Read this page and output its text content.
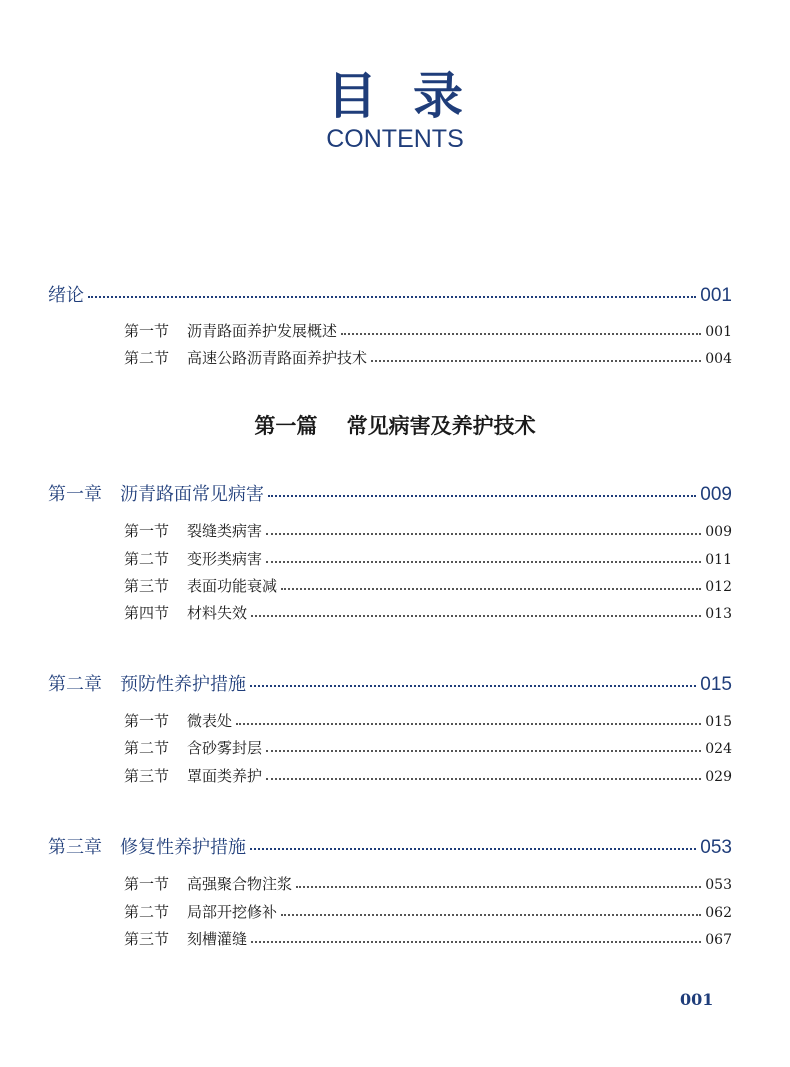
目录
CONTENTS
绪论	001
第一节 沥青路面养护发展概述	001
第二节 高速公路沥青路面养护技术	004
第一篇 常见病害及养护技术
第一章 沥青路面常见病害	009
第一节 裂缝类病害	009
第二节 变形类病害	011
第三节 表面功能衰减	012
第四节 材料失效	013
第二章 预防性养护措施	015
第一节 微表处	015
第二节 含砂雾封层	024
第三节 罩面类养护	029
第三章 修复性养护措施	053
第一节 高强聚合物注浆	053
第二节 局部开挖修补	062
第三节 刻槽灌缝	067
001
